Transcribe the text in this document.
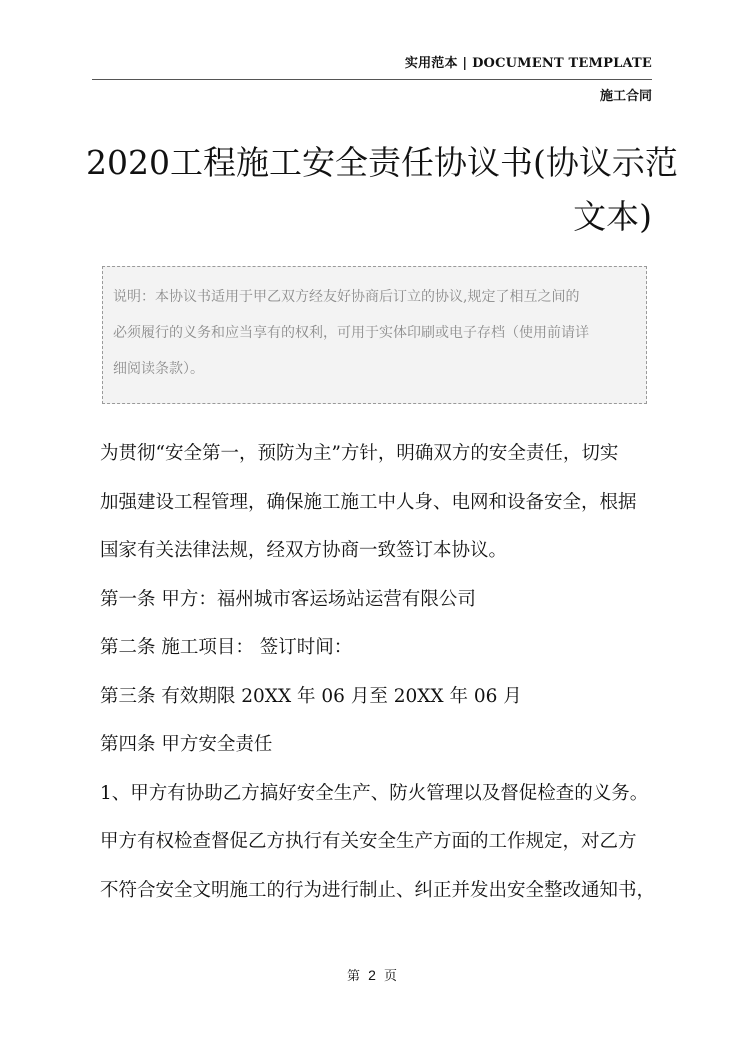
实用范本 | DOCUMENT TEMPLATE
施工合同
2020工程施工安全责任协议书(协议示范
文本)
说明：本协议书适用于甲乙双方经友好协商后订立的协议,规定了相互之间的
必须履行的义务和应当享有的权利，可用于实体印刷或电子存档（使用前请详
细阅读条款）。
为贯彻“安全第一，预防为主”方针，明确双方的安全责任，切实
加强建设工程管理，确保施工施工中人身、电网和设备安全，根据
国家有关法律法规，经双方协商一致签订本协议。
第一条 甲方：福州城市客运场站运营有限公司
第二条 施工项目： 签订时间：
第三条 有效期限 20XX 年 06 月至 20XX 年 06 月
第四条 甲方安全责任
1、甲方有协助乙方搞好安全生产、防火管理以及督促检查的义务。
甲方有权检查督促乙方执行有关安全生产方面的工作规定，对乙方
不符合安全文明施工的行为进行制止、纠正并发出安全整改通知书，
第 2 页
